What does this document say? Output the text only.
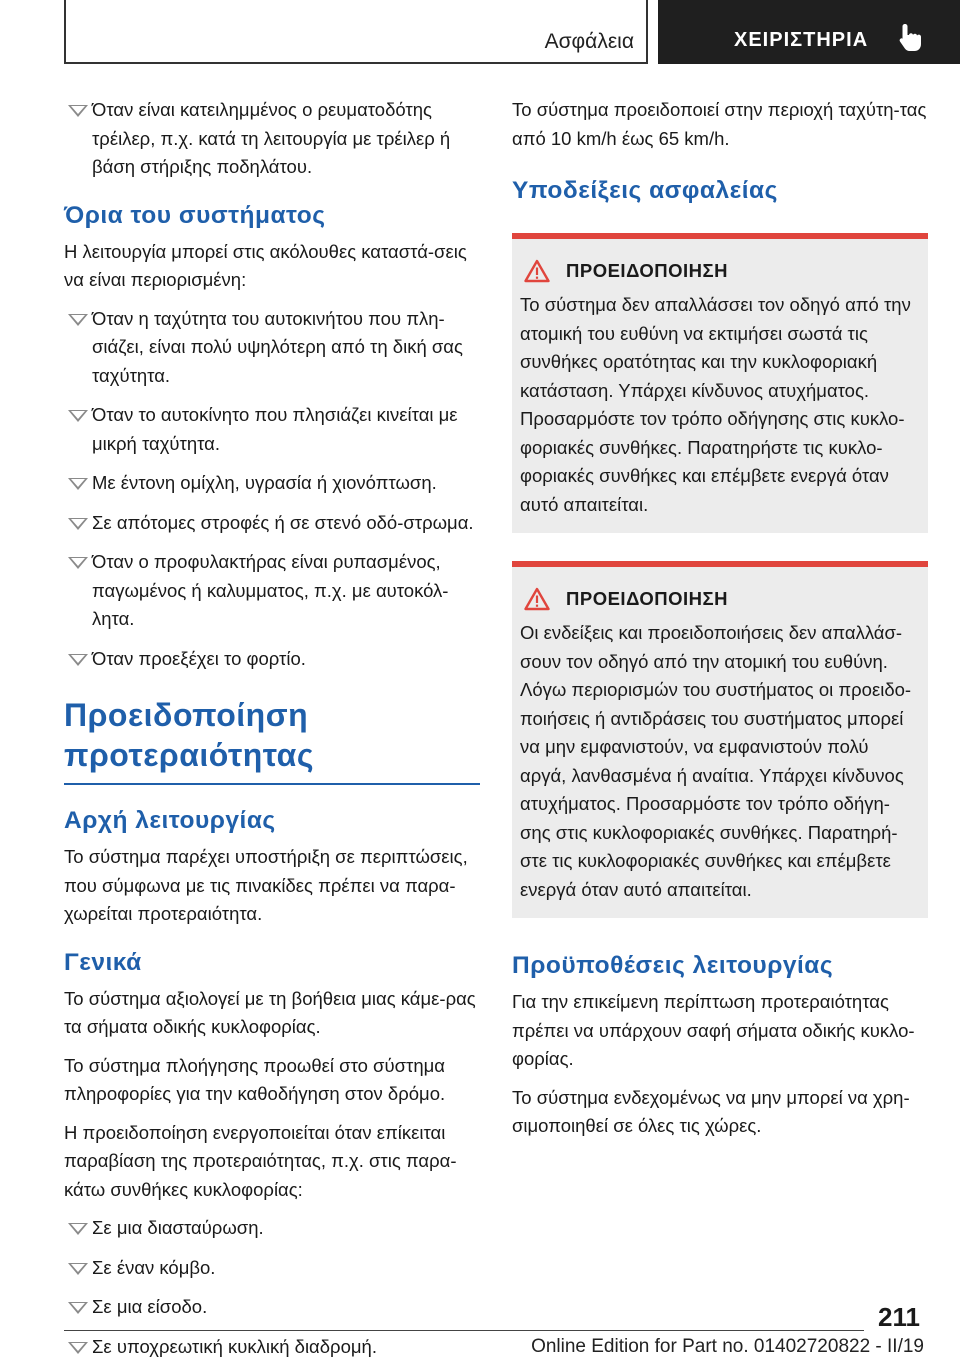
Ασφάλεια	ΧΕΙΡΙΣΤΗΡΙΑ
Όταν είναι κατειλημμένος ο ρευματοδότης τρέιλερ, π.χ. κατά τη λειτουργία με τρέιλερ ή βάση στήριξης ποδηλάτου.
Όρια του συστήματος

Η λειτουργία μπορεί στις ακόλουθες καταστά-σεις να είναι περιορισμένη:

Όταν η ταχύτητα του αυτοκινήτου που πλη-σιάζει, είναι πολύ υψηλότερη από τη δική σας ταχύτητα.
Όταν το αυτοκίνητο που πλησιάζει κινείται με μικρή ταχύτητα.
Με έντονη ομίχλη, υγρασία ή χιονόπτωση.
Σε απότομες στροφές ή σε στενό οδό-στρωμα.
Όταν ο προφυλακτήρας είναι ρυπασμένος, παγωμένος ή καλυμματος, π.χ. με αυτοκόλ-λητα.
Όταν προεξέχει το φορτίο.
Προειδοποίηση προτεραιότητας
Αρχή λειτουργίας

Το σύστημα παρέχει υποστήριξη σε περιπτώσεις, που σύμφωνα με τις πινακίδες πρέπει να παρα-χωρείται προτεραιότητα.

Γενικά

Το σύστημα αξιολογεί με τη βοήθεια μιας κάμε-ρας τα σήματα οδικής κυκλοφορίας.

Το σύστημα πλοήγησης προωθεί στο σύστημα πληροφορίες για την καθοδήγηση στον δρόμο.

Η προειδοποίηση ενεργοποιείται όταν επίκειται παραβίαση της προτεραιότητας, π.χ. στις παρα-κάτω συνθήκες κυκλοφορίας:

Σε μια διασταύρωση.
Σε έναν κόμβο.
Σε μια είσοδο.
Σε υποχρεωτική κυκλική διαδρομή.

Το σύστημα προειδοποιεί στην περιοχή ταχύτη-τας από 10 km/h έως 65 km/h.

Υποδείξεις ασφαλείας
ΠΡΟΕΙΔΟΠΟΙΗΣΗ

Το σύστημα δεν απαλλάσσει τον οδηγό από την ατομική του ευθύνη να εκτιμήσει σωστά τις συνθήκες ορατότητας και την κυκλοφοριακή κατάσταση. Υπάρχει κίνδυνος ατυχήματος. Προσαρμόστε τον τρόπο οδήγησης στις κυκλο-φοριακές συνθήκες. Παρατηρήστε τις κυκλο-φοριακές συνθήκες και επέμβετε ενεργά όταν αυτό απαιτείται.

ΠΡΟΕΙΔΟΠΟΙΗΣΗ

Οι ενδείξεις και προειδοποιήσεις δεν απαλλάσ-σουν τον οδηγό από την ατομική του ευθύνη. Λόγω περιορισμών του συστήματος οι προειδο-ποιήσεις ή αντιδράσεις του συστήματος μπορεί να μην εμφανιστούν, να εμφανιστούν πολύ αργά, λανθασμένα ή αναίτια. Υπάρχει κίνδυνος ατυχήματος. Προσαρμόστε τον τρόπο οδήγη-σης στις κυκλοφοριακές συνθήκες. Παρατηρή-στε τις κυκλοφοριακές συνθήκες και επέμβετε ενεργά όταν αυτό απαιτείται.

Προϋποθέσεις λειτουργίας

Για την επικείμενη περίπτωση προτεραιότητας πρέπει να υπάρχουν σαφή σήματα οδικής κυκλο-φορίας.

Το σύστημα ενδεχομένως να μην μπορεί να χρη-σιμοποιηθεί σε όλες τις χώρες.

211
Online Edition for Part no. 01402720822 - II/19
